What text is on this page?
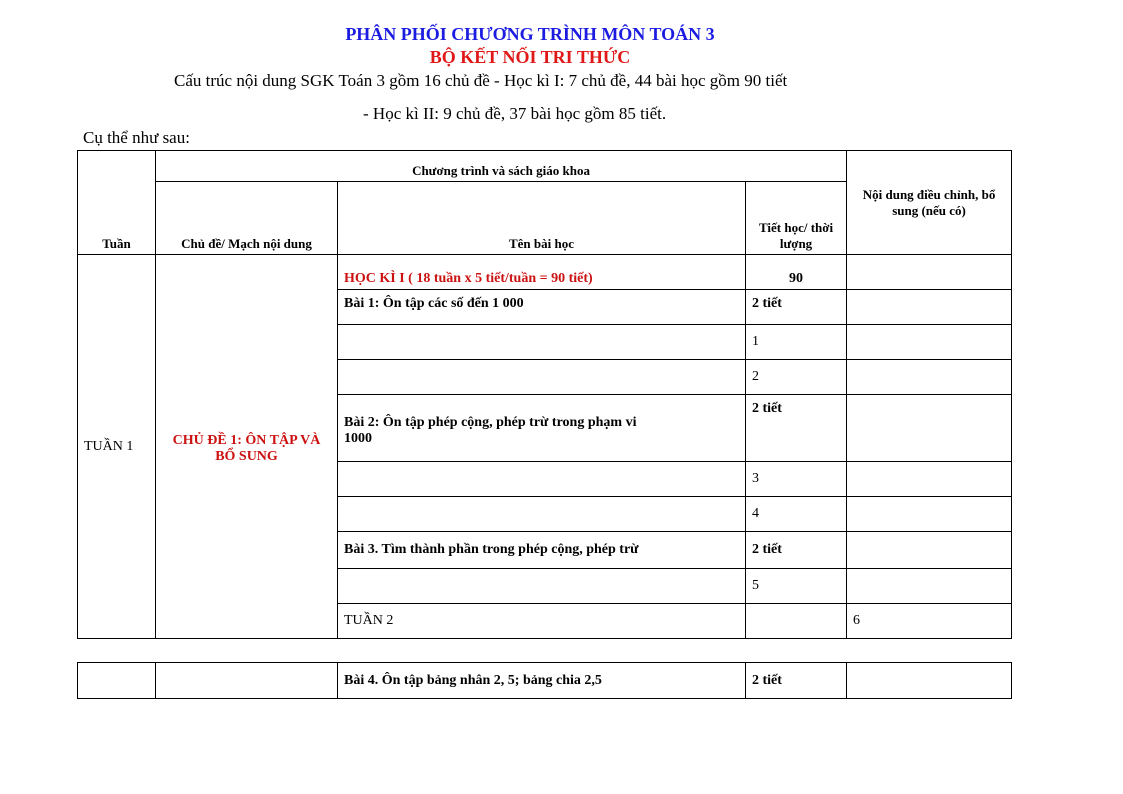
PHÂN PHỐI CHƯƠNG TRÌNH MÔN TOÁN 3
BỘ KẾT NỐI TRI THỨC
Cấu trúc nội dung SGK Toán 3 gồm 16 chủ đề - Học kì I: 7 chủ đề, 44 bài học gồm 90 tiết
- Học kì II: 9 chủ đề, 37 bài học gồm 85 tiết.
Cụ thể như sau:
Tuần	Chương trình và sách giáo khoa			Nội dung điều chỉnh, bổ sung (nếu có)	
	Chủ đề/ Mạch nội dung	Tên bài học	Tiết học/ thời lượng		
TUẦN 1	CHỦ ĐỀ 1: ÔN TẬP VÀ BỔ SUNG	HỌC KÌ I ( 18 tuần x 5 tiết/tuần = 90 tiết)	90		
		Bài 1: Ôn tập các số đến 1 000	2 tiết		
			1		
			2		
		Bài 2: Ôn tập phép cộng, phép trừ trong phạm vi 1000	2 tiết		
			3		
			4		
		Bài 3. Tìm thành phần trong phép cộng, phép trừ	2 tiết		
			5		
		TUẦN 2		6	
		Bài 4. Ôn tập bảng nhân 2, 5; bảng chia 2,5	2 tiết	
